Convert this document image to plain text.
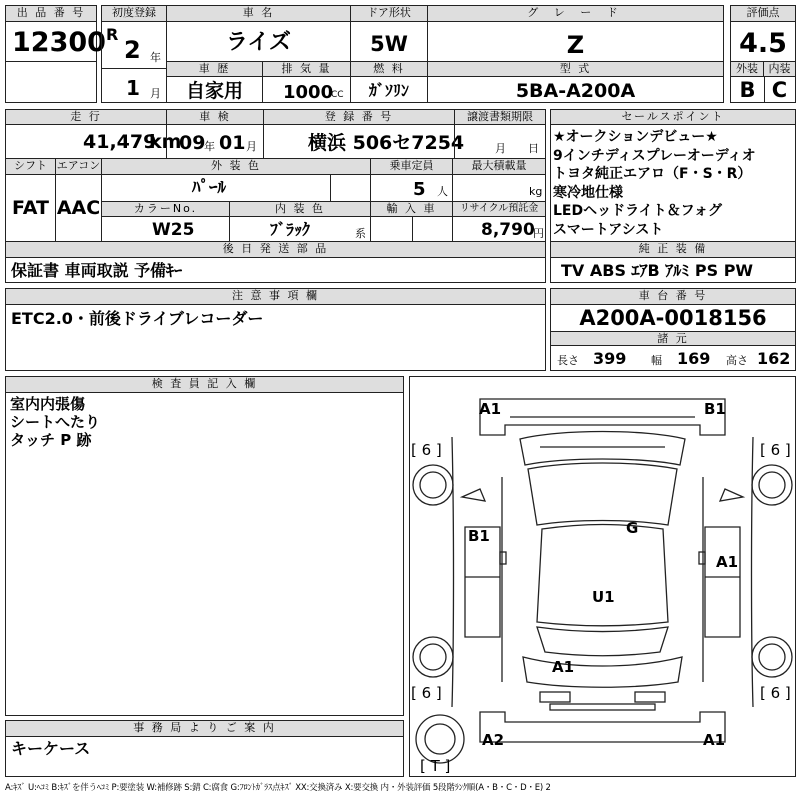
出 品 番 号
12300
初度登録
R
2 年
1 月
車 名
ライズ
ドア形状
5W
グ レ ー ド
Z
車 歴
自家用
排 気 量
1000
CC
燃 料
ｶﾞｿﾘﾝ
型 式
5BA-A200A
評価点
4.5
外装 内装
B C
走 行
41,479
km
車 検
09
年 01 月
登 録 番 号
横浜 506セ7254
譲渡書類期限
月 日
シフト
FAT
エアコン
AAC
外 装 色
ﾊﾟｰﾙ
乗車定員
5 人
最大積載量
kg
カラーNo.
W25
内 装 色
ﾌﾞﾗｯｸ	系
輸 入 車	リサイクル預託金
8,790
円
セールスポイント
★オークションデビュー★
9インチディスプレーオーディオ
トヨタ純正エアロ（F・S・R）
寒冷地仕様
LEDヘッドライト＆フォグ
スマートアシスト
後 日 発 送 部 品
保証書 車両取説 予備ｷｰ
純 正 装 備
TV ABS ｴｱB ｱﾙﾐ PS PW
注 意 事 項 欄
ETC2.0・前後ドライブレコーダー
車 台 番 号
A200A-0018156
諸 元
長さ 399 幅 169 高さ 162
検 査 員 記 入 欄
室内内張傷
シートへたり
タッチ P 跡
事 務 局 よ り ご 案 内
キーケース
A1	B1
[ 6 ]	[ 6 ]
G
B1
A1
U1
A1
[ 6 ]	[ 6 ]
A2	A1
[ T ]
A:ｷｽﾞ U:ﾍｺﾐ B:ｷｽﾞを伴うﾍｺﾐ P:要塗装 W:補修跡 S:錆 C:腐食 G:ﾌﾛﾝﾄｶﾞﾗｽ点ｷｽﾞ XX:交換済み X:要交換 内・外装評価 5段階ﾗﾝｸ順(A・B・C・D・E) 2
